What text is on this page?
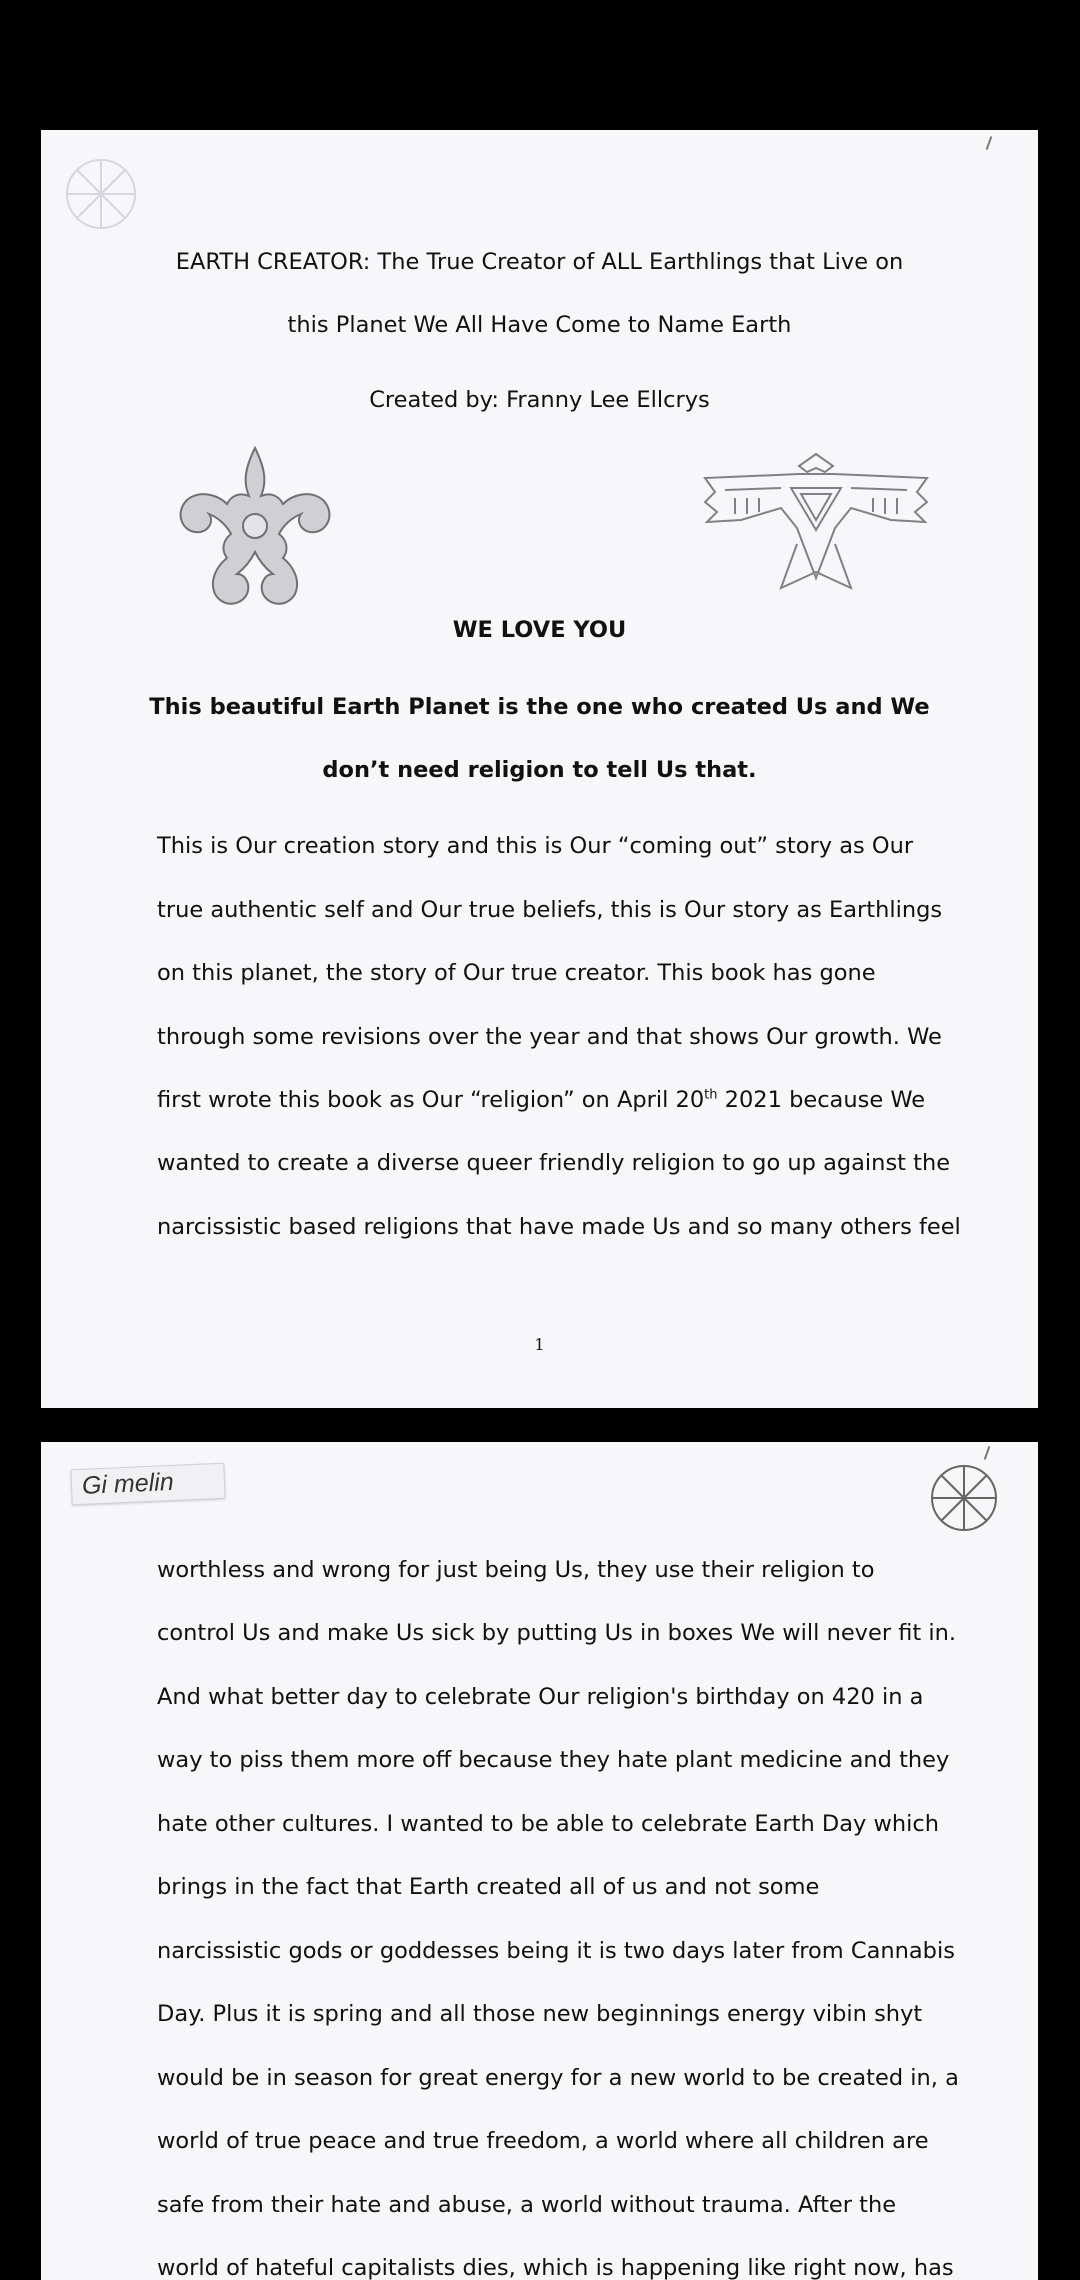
EARTH CREATOR: The True Creator of ALL Earthlings that Live on
this Planet We All Have Come to Name Earth
Created by: Franny Lee Ellcrys
WE LOVE YOU
This beautiful Earth Planet is the one who created Us and We
don’t need religion to tell Us that.
This is Our creation story and this is Our “coming out” story as Our
true authentic self and Our true beliefs, this is Our story as Earthlings
on this planet, the story of Our true creator. This book has gone
through some revisions over the year and that shows Our growth. We
first wrote this book as Our “religion” on April 20th 2021 because We
wanted to create a diverse queer friendly religion to go up against the
narcissistic based religions that have made Us and so many others feel
1
Gi melin
worthless and wrong for just being Us, they use their religion to
control Us and make Us sick by putting Us in boxes We will never fit in.
And what better day to celebrate Our religion's birthday on 420 in a
way to piss them more off because they hate plant medicine and they
hate other cultures. I wanted to be able to celebrate Earth Day which
brings in the fact that Earth created all of us and not some
narcissistic gods or goddesses being it is two days later from Cannabis
Day. Plus it is spring and all those new beginnings energy vibin shyt
would be in season for great energy for a new world to be created in, a
world of true peace and true freedom, a world where all children are
safe from their hate and abuse, a world without trauma. After the
world of hateful capitalists dies, which is happening like right now, has
